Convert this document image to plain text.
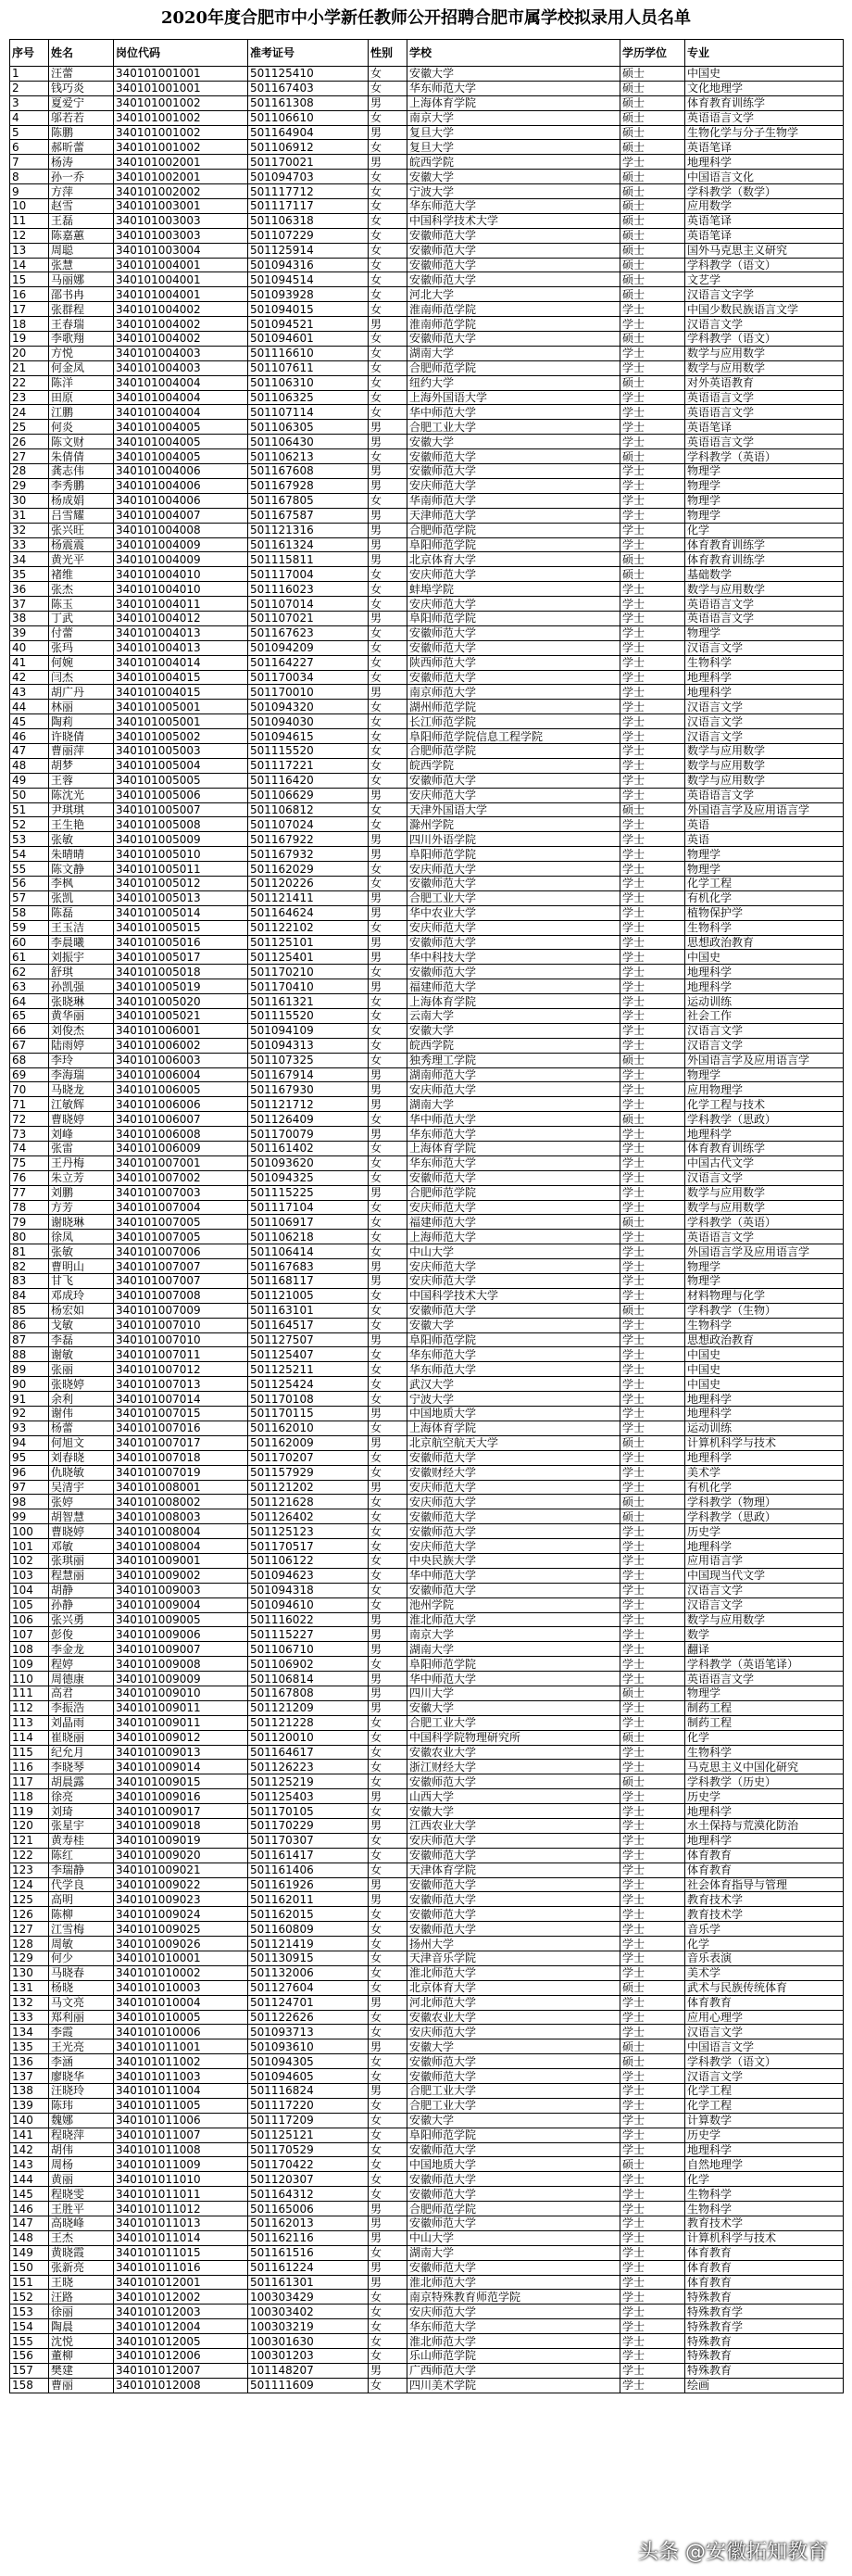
2020年度合肥市中小学新任教师公开招聘合肥市属学校拟录用人员名单
序号	姓名	岗位代码	准考证号	性别	学校	学历学位	专业
1	汪蕾	340101001001	501125410	女	安徽大学	硕士	中国史
2	钱巧炎	340101001001	501167403	女	华东师范大学	硕士	文化地理学
3	夏爱宁	340101001002	501161308	男	上海体育学院	硕士	体育教育训练学
4	邬若若	340101001002	501106610	女	南京大学	硕士	英语语言文学
5	陈鹏	340101001002	501164904	男	复旦大学	硕士	生物化学与分子生物学
6	郝昕蕾	340101001002	501106912	女	复旦大学	硕士	英语笔译
7	杨涛	340101002001	501170021	男	皖西学院	学士	地理科学
8	孙一乔	340101002001	501094703	女	安徽大学	硕士	中国语言文化
9	方萍	340101002002	501117712	女	宁波大学	硕士	学科教学（数学）
10	赵雪	340101003001	501117117	女	华东师范大学	硕士	应用数学
11	王磊	340101003003	501106318	女	中国科学技术大学	硕士	英语笔译
12	陈嘉蕙	340101003003	501107229	女	安徽师范大学	硕士	英语笔译
13	周聪	340101003004	501125914	女	安徽师范大学	硕士	国外马克思主义研究
14	张慧	340101004001	501094316	女	安徽师范大学	硕士	学科教学（语文）
15	马丽娜	340101004001	501094514	女	安徽师范大学	硕士	文艺学
16	邵书冉	340101004001	501093928	女	河北大学	硕士	汉语言文字学
17	张群程	340101004002	501094015	女	淮南师范学院	学士	中国少数民族语言文学
18	王春瑞	340101004002	501094521	男	淮南师范学院	学士	汉语言文学
19	李歌翔	340101004002	501094601	女	安徽师范大学	硕士	学科教学（语文）
20	方悦	340101004003	501116610	女	湖南大学	学士	数学与应用数学
21	何金凤	340101004003	501107611	女	合肥师范学院	学士	数学与应用数学
22	陈洋	340101004004	501106310	女	纽约大学	硕士	对外英语教育
23	田原	340101004004	501106325	女	上海外国语大学	学士	英语语言文学
24	江鹏	340101004004	501107114	女	华中师范大学	学士	英语语言文学
25	何炎	340101004005	501106305	男	合肥工业大学	学士	英语笔译
26	陈文财	340101004005	501106430	男	安徽大学	学士	英语语言文学
27	朱倩倩	340101004005	501106213	女	安徽师范大学	硕士	学科教学（英语）
28	龚志伟	340101004006	501167608	男	安徽师范大学	学士	物理学
29	李秀鹏	340101004006	501167928	男	安庆师范大学	学士	物理学
30	杨成娟	340101004006	501167805	女	华南师范大学	学士	物理学
31	吕雪耀	340101004007	501167587	男	天津师范大学	学士	物理学
32	张兴旺	340101004008	501121316	男	合肥师范学院	学士	化学
33	杨震震	340101004009	501161324	男	阜阳师范学院	学士	体育教育训练学
34	黄光平	340101004009	501115811	男	北京体育大学	硕士	体育教育训练学
35	褚维	340101004010	501117004	女	安庆师范大学	硕士	基础数学
36	张杰	340101004010	501116023	女	蚌埠学院	学士	数学与应用数学
37	陈玉	340101004011	501107014	女	安庆师范大学	学士	英语语言文学
38	丁武	340101004012	501107021	男	阜阳师范学院	学士	英语语言文学
39	付蕾	340101004013	501167623	女	安徽师范大学	学士	物理学
40	张玛	340101004013	501094209	女	安徽师范大学	学士	汉语言文学
41	何婉	340101004014	501164227	女	陕西师范大学	学士	生物科学
42	闫杰	340101004015	501170034	女	安徽师范大学	学士	地理科学
43	胡广丹	340101004015	501170010	男	南京师范大学	学士	地理科学
44	林丽	340101005001	501094320	女	湖州师范学院	学士	汉语言文学
45	陶莉	340101005001	501094030	女	长江师范学院	学士	汉语言文学
46	许晓倩	340101005002	501094615	女	阜阳师范学院信息工程学院	学士	汉语言文学
47	曹丽萍	340101005003	501115520	女	合肥师范学院	学士	数学与应用数学
48	胡梦	340101005004	501117221	女	皖西学院	学士	数学与应用数学
49	王蓉	340101005005	501116420	女	安徽师范大学	学士	数学与应用数学
50	陈沈光	340101005006	501106629	男	安庆师范大学	学士	英语语言文学
51	尹琪琪	340101005007	501106812	女	天津外国语大学	硕士	外国语言学及应用语言学
52	王生艳	340101005008	501107024	女	滁州学院	学士	英语
53	张敏	340101005009	501167922	男	四川外语学院	学士	英语
54	朱晴晴	340101005010	501167932	男	阜阳师范学院	学士	物理学
55	陈文静	340101005011	501162029	女	安庆师范大学	学士	物理学
56	李枫	340101005012	501120226	女	安徽师范大学	学士	化学工程
57	张凯	340101005013	501121411	男	合肥工业大学	学士	有机化学
58	陈磊	340101005014	501164624	男	华中农业大学	学士	植物保护学
59	王玉洁	340101005015	501122102	女	安庆师范大学	学士	生物科学
60	李晨曦	340101005016	501125101	男	安徽师范大学	学士	思想政治教育
61	刘振宇	340101005017	501125401	男	华中科技大学	学士	中国史
62	舒琪	340101005018	501170210	女	安徽师范大学	学士	地理科学
63	孙凯强	340101005019	501170410	男	福建师范大学	学士	地理科学
64	张晓琳	340101005020	501161321	女	上海体育学院	学士	运动训练
65	黄华丽	340101005021	501115520	女	云南大学	学士	社会工作
66	刘俊杰	340101006001	501094109	女	安徽大学	学士	汉语言文学
67	陆雨婷	340101006002	501094313	女	皖西学院	学士	汉语言文学
68	李玲	340101006003	501107325	女	独秀理工学院	硕士	外国语言学及应用语言学
69	李海瑞	340101006004	501167914	男	湖南师范大学	学士	物理学
70	马晓龙	340101006005	501167930	男	安庆师范大学	学士	应用物理学
71	江敏辉	340101006006	501121712	男	湖南大学	学士	化学工程与技术
72	曹晓婷	340101006007	501126409	女	华中师范大学	硕士	学科教学（思政）
73	刘峰	340101006008	501170079	男	华东师范大学	学士	地理科学
74	张雷	340101006009	501161402	女	上海体育学院	学士	体育教育训练学
75	王丹梅	340101007001	501093620	女	华东师范大学	学士	中国古代文学
76	朱立芳	340101007002	501094325	女	安徽师范大学	学士	汉语言文学
77	刘鹏	340101007003	501115225	男	合肥师范学院	学士	数学与应用数学
78	方芳	340101007004	501117104	女	安庆师范大学	学士	数学与应用数学
79	谢晓琳	340101007005	501106917	女	福建师范大学	硕士	学科教学（英语）
80	徐凤	340101007005	501106218	女	上海师范大学	学士	英语语言文学
81	张敏	340101007006	501106414	女	中山大学	学士	外国语言学及应用语言学
82	曹明山	340101007007	501167683	男	安庆师范大学	学士	物理学
83	甘飞	340101007007	501168117	男	安庆师范大学	学士	物理学
84	邓成玲	340101007008	501121005	女	中国科学技术大学	学士	材料物理与化学
85	杨宏如	340101007009	501163101	女	安徽师范大学	硕士	学科教学（生物）
86	戈敏	340101007010	501164517	女	安徽大学	学士	生物科学
87	李磊	340101007010	501127507	男	阜阳师范学院	学士	思想政治教育
88	谢敏	340101007011	501125407	女	华东师范大学	学士	中国史
89	张丽	340101007012	501125211	女	华东师范大学	学士	中国史
90	张晓婷	340101007013	501125424	女	武汉大学	学士	中国史
91	余利	340101007014	501170108	女	宁波大学	学士	地理科学
92	谢伟	340101007015	501170115	男	中国地质大学	学士	地理科学
93	杨蕾	340101007016	501162010	女	上海体育学院	学士	运动训练
94	何旭文	340101007017	501162009	男	北京航空航天大学	硕士	计算机科学与技术
95	刘春晓	340101007018	501170207	女	安徽师范大学	学士	地理科学
96	仇晓敏	340101007019	501157929	女	安徽财经大学	学士	美术学
97	吴清宇	340101008001	501121202	男	安庆师范大学	学士	有机化学
98	张婷	340101008002	501121628	女	安庆师范大学	硕士	学科教学（物理）
99	胡智慧	340101008003	501126402	女	安徽师范大学	硕士	学科教学（思政）
100	曹晓婷	340101008004	501125123	女	安徽师范大学	学士	历史学
101	邓敏	340101008004	501170517	女	安庆师范大学	学士	地理科学
102	张琪丽	340101009001	501106122	女	中央民族大学	学士	应用语言学
103	程慧丽	340101009002	501094623	女	华中师范大学	学士	中国现当代文学
104	胡静	340101009003	501094318	女	安徽师范大学	学士	汉语言文学
105	孙静	340101009004	501094610	女	池州学院	学士	汉语言文学
106	张兴勇	340101009005	501116022	男	淮北师范大学	学士	数学与应用数学
107	彭俊	340101009006	501115227	男	南京大学	学士	数学
108	李金龙	340101009007	501106710	男	湖南大学	学士	翻译
109	程婷	340101009008	501106902	女	阜阳师范学院	学士	学科教学（英语笔译）
110	周德康	340101009009	501106814	男	华中师范大学	学士	英语语言文学
111	高君	340101009010	501167808	男	四川大学	硕士	物理学
112	李振浩	340101009011	501121209	男	安徽大学	学士	制药工程
113	刘晶雨	340101009011	501121228	女	合肥工业大学	学士	制药工程
114	崔晓丽	340101009012	501120010	女	中国科学院物理研究所	硕士	化学
115	纪允月	340101009013	501164617	女	安徽农业大学	学士	生物科学
116	李晓琴	340101009014	501126223	女	浙江财经大学	学士	马克思主义中国化研究
117	胡晨露	340101009015	501125219	女	安徽师范大学	硕士	学科教学（历史）
118	徐亮	340101009016	501125403	男	山西大学	学士	历史学
119	刘琦	340101009017	501170105	女	安徽大学	学士	地理科学
120	张星宇	340101009018	501170229	男	江西农业大学	学士	水土保持与荒漠化防治
121	黄寿桂	340101009019	501170307	女	安庆师范大学	学士	地理科学
122	陈红	340101009020	501161417	女	安徽师范大学	学士	体育教育
123	李瑞静	340101009021	501161406	女	天津体育学院	学士	体育教育
124	代学良	340101009022	501161926	男	安徽师范大学	学士	社会体育指导与管理
125	高明	340101009023	501162011	男	安徽师范大学	学士	教育技术学
126	陈柳	340101009024	501162015	女	安徽师范大学	学士	教育技术学
127	江雪梅	340101009025	501160809	女	安徽师范大学	学士	音乐学
128	周敏	340101009026	501121419	女	扬州大学	学士	化学
129	何少	340101010001	501130915	女	天津音乐学院	学士	音乐表演
130	马晓春	340101010002	501132006	女	淮北师范大学	学士	美术学
131	杨晓	340101010003	501127604	女	北京体育大学	硕士	武术与民族传统体育
132	马文亮	340101010004	501124701	男	河北师范大学	学士	体育教育
133	郑利丽	340101010005	501122626	女	安徽农业大学	学士	应用心理学
134	李霞	340101010006	501093713	女	安庆师范大学	学士	汉语言文学
135	王光亮	340101011001	501093610	男	安徽大学	硕士	中国语言文学
136	李涵	340101011002	501094305	女	安徽师范大学	硕士	学科教学（语文）
137	廖晓华	340101011003	501094605	女	安徽师范大学	学士	汉语言文学
138	汪晓玲	340101011004	501116824	男	合肥工业大学	学士	化学工程
139	陈玮	340101011005	501117220	女	合肥工业大学	学士	化学工程
140	魏娜	340101011006	501117209	女	安徽大学	学士	计算数学
141	程晓萍	340101011007	501125121	女	阜阳师范学院	学士	历史学
142	胡伟	340101011008	501170529	女	安徽师范大学	学士	地理科学
143	周杨	340101011009	501170422	女	中国地质大学	硕士	自然地理学
144	黄丽	340101011010	501120307	女	安徽师范大学	学士	化学
145	程晓雯	340101011011	501164312	女	安徽师范大学	学士	生物科学
146	王胜平	340101011012	501165006	男	合肥师范学院	学士	生物科学
147	高晓峰	340101011013	501162013	男	安徽师范大学	学士	教育技术学
148	王杰	340101011014	501162116	男	中山大学	学士	计算机科学与技术
149	黄晓霞	340101011015	501161516	女	湖南大学	学士	体育教育
150	张新亮	340101011016	501161224	男	安徽师范大学	学士	体育教育
151	王晓	340101012001	501161301	男	淮北师范大学	学士	体育教育
152	汪路	340101012002	100303429	女	南京特殊教育师范学院	学士	特殊教育
153	徐丽	340101012003	100303402	女	安庆师范大学	学士	特殊教育学
154	陶晨	340101012004	100303219	女	华东师范大学	学士	特殊教育学
155	沈悦	340101012005	100301630	女	淮北师范大学	学士	特殊教育
156	董柳	340101012006	100301203	女	乐山师范学院	学士	特殊教育
157	樊建	340101012007	101148207	男	广西师范大学	学士	特殊教育
158	曹丽	340101012008	501111609	女	四川美术学院	学士	绘画
头条 @安徽拓知教育
